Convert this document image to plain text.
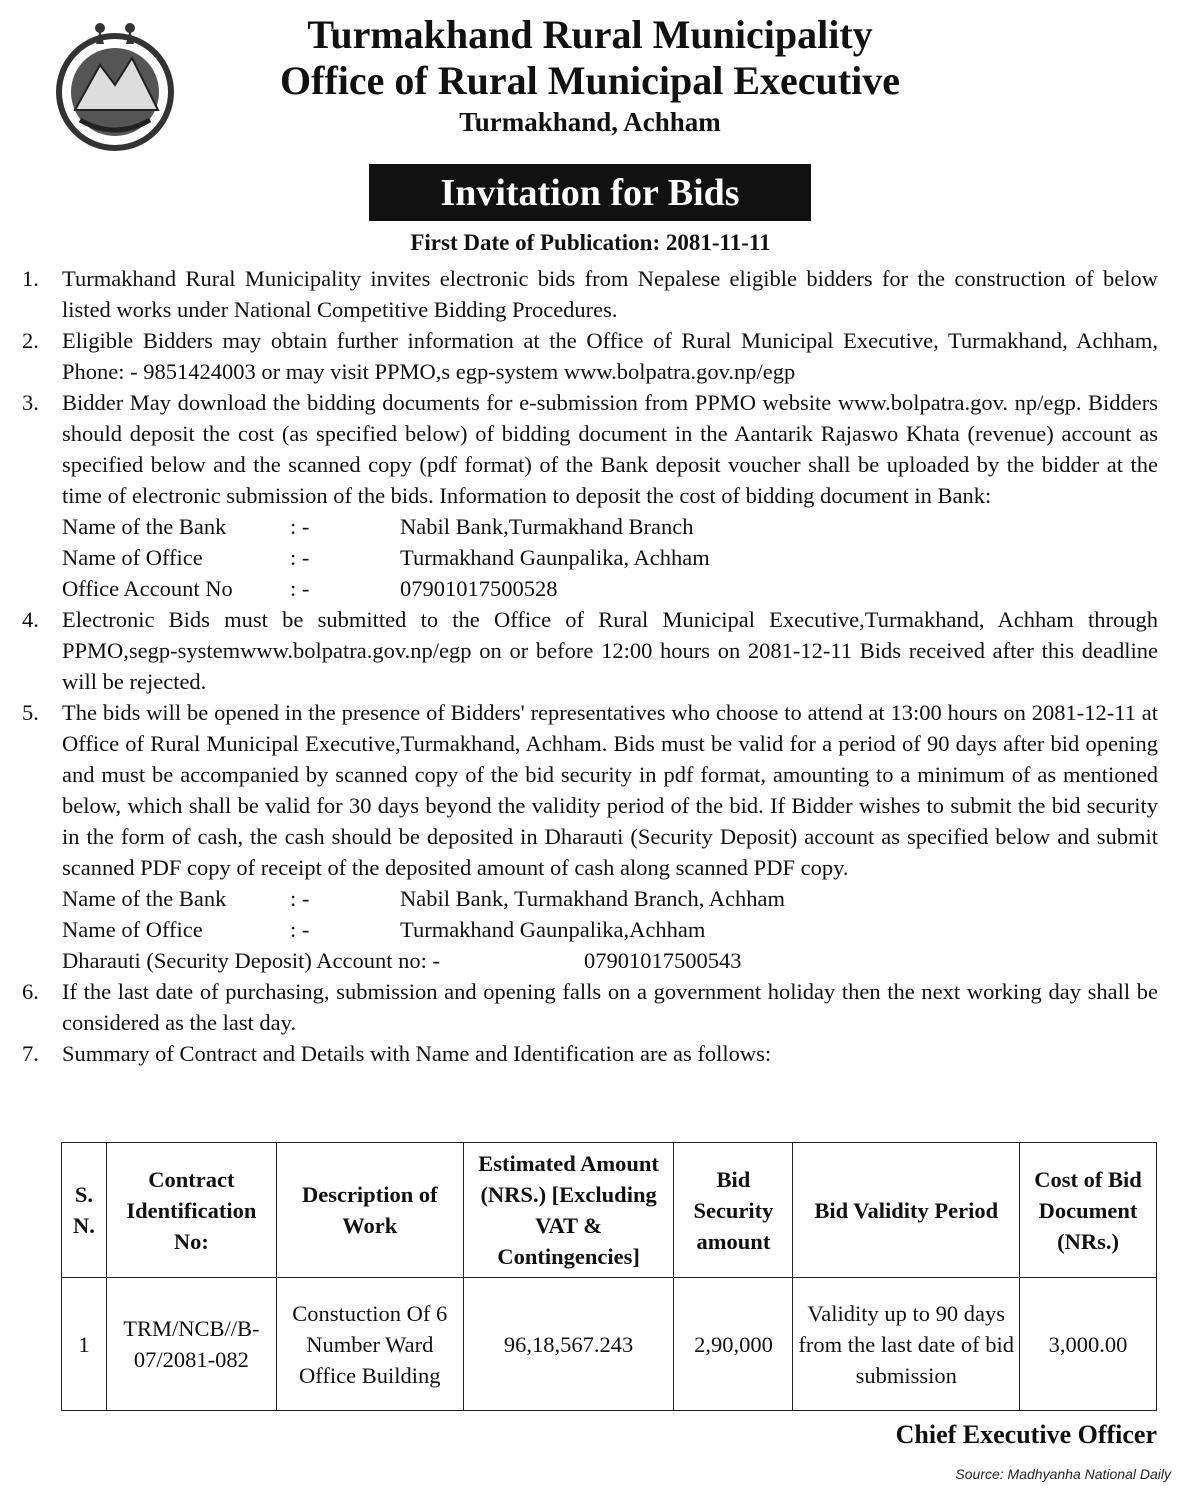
Turmakhand Rural Municipality
Office of Rural Municipal Executive
Turmakhand, Achham
Invitation for Bids
First Date of Publication: 2081-11-11
1.	Turmakhand Rural Municipality invites electronic bids from Nepalese eligible bidders for the construction of below listed works under National Competitive Bidding Procedures.
2.	Eligible Bidders may obtain further information at the Office of Rural Municipal Executive, Turmakhand, Achham, Phone: - 9851424003 or may visit PPMO,s egp-system www.bolpatra.gov.np/egp
3.	Bidder May download the bidding documents for e-submission from PPMO website www.bolpatra.gov. np/egp. Bidders should deposit the cost (as specified below) of bidding document in the Aantarik Rajaswo Khata (revenue) account as specified below and the scanned copy (pdf format) of the Bank deposit voucher shall be uploaded by the bidder at the time of electronic submission of the bids. Information to deposit the cost of bidding document in Bank:
Name of the Bank	: -	Nabil Bank,Turmakhand Branch
Name of Office	: -	Turmakhand Gaunpalika, Achham
Office Account No	: -	07901017500528
4.	Electronic Bids must be submitted to the Office of Rural Municipal Executive,Turmakhand, Achham through PPMO,segp-systemwww.bolpatra.gov.np/egp on or before 12:00 hours on 2081-12-11 Bids received after this deadline will be rejected.
5.	The bids will be opened in the presence of Bidders' representatives who choose to attend at 13:00 hours on 2081-12-11 at Office of Rural Municipal Executive,Turmakhand, Achham. Bids must be valid for a period of 90 days after bid opening and must be accompanied by scanned copy of the bid security in pdf format, amounting to a minimum of as mentioned below, which shall be valid for 30 days beyond the validity period of the bid. If Bidder wishes to submit the bid security in the form of cash, the cash should be deposited in Dharauti (Security Deposit) account as specified below and submit scanned PDF copy of receipt of the deposited amount of cash along scanned PDF copy.
Name of the Bank	: -	Nabil Bank, Turmakhand Branch, Achham
Name of Office	: -	Turmakhand Gaunpalika,Achham
Dharauti (Security Deposit) Account no: -	07901017500543
6.	If the last date of purchasing, submission and opening falls on a government holiday then the next working day shall be considered as the last day.
7.	Summary of Contract and Details with Name and Identification are as follows:
S. N.	Contract Identification No:	Description of Work	Estimated Amount (NRS.) [Excluding VAT & Contingencies]	Bid Security amount	Bid Validity Period	Cost of Bid Document (NRs.)
1	TRM/NCB//B-07/2081-082	Constuction Of 6 Number Ward Office Building	96,18,567.243	2,90,000	Validity up to 90 days from the last date of bid submission	3,000.00
Chief Executive Officer
Source: Madhyanha National Daily
